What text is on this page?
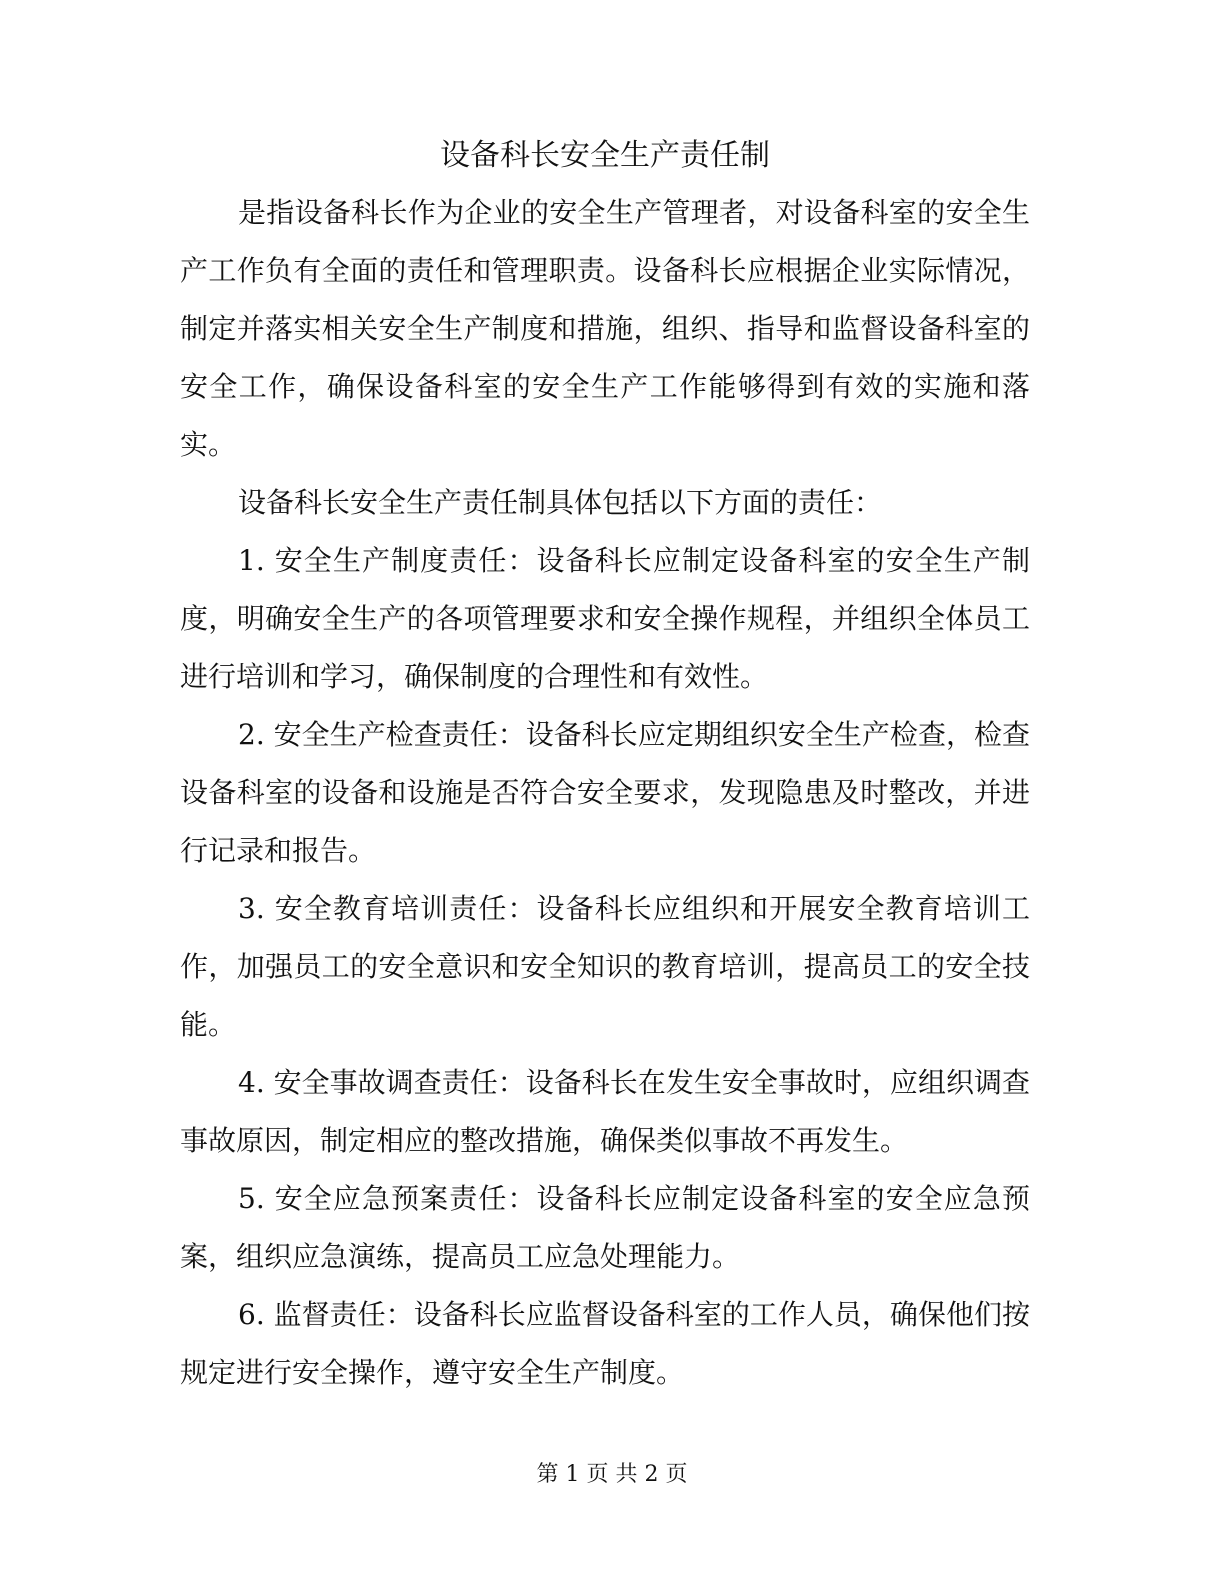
设备科长安全生产责任制

是指设备科长作为企业的安全生产管理者，对设备科室的安全生产工作负有全面的责任和管理职责。设备科长应根据企业实际情况，制定并落实相关安全生产制度和措施，组织、指导和监督设备科室的安全工作，确保设备科室的安全生产工作能够得到有效的实施和落实。

设备科长安全生产责任制具体包括以下方面的责任：

1. 安全生产制度责任：设备科长应制定设备科室的安全生产制度，明确安全生产的各项管理要求和安全操作规程，并组织全体员工进行培训和学习，确保制度的合理性和有效性。

2. 安全生产检查责任：设备科长应定期组织安全生产检查，检查设备科室的设备和设施是否符合安全要求，发现隐患及时整改，并进行记录和报告。

3. 安全教育培训责任：设备科长应组织和开展安全教育培训工作，加强员工的安全意识和安全知识的教育培训，提高员工的安全技能。

4. 安全事故调查责任：设备科长在发生安全事故时，应组织调查事故原因，制定相应的整改措施，确保类似事故不再发生。

5. 安全应急预案责任：设备科长应制定设备科室的安全应急预案，组织应急演练，提高员工应急处理能力。

6. 监督责任：设备科长应监督设备科室的工作人员，确保他们按规定进行安全操作，遵守安全生产制度。

第 1 页 共 2 页
